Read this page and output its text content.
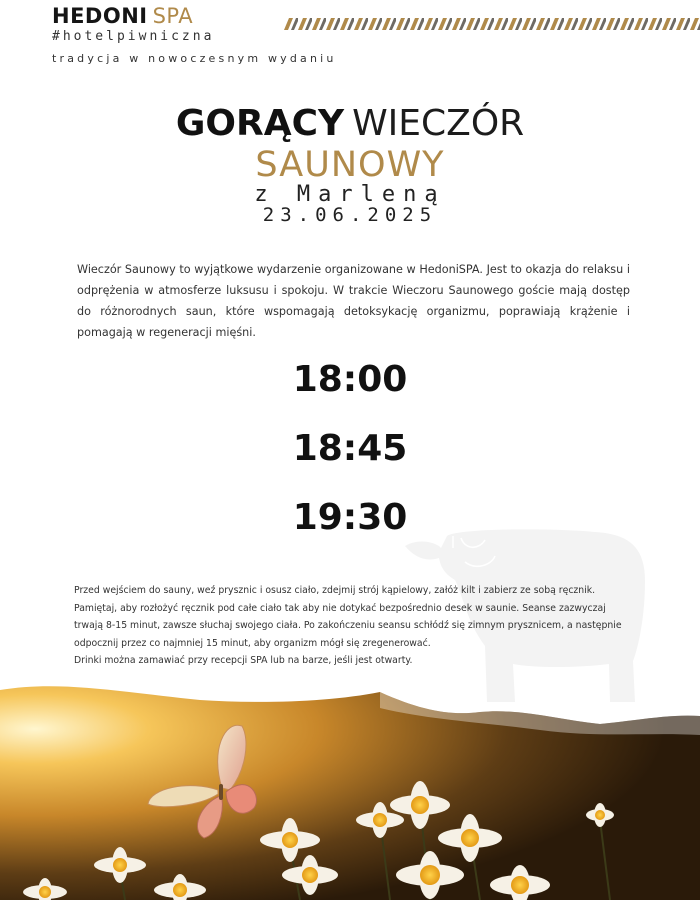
HEDONI SPA
#hotelpiwniczna
tradycja w nowoczesnym wydaniu
GORĄCY WIECZÓR
SAUNOWY
z Marleną
23.06.2025
Wieczór Saunowy to wyjątkowe wydarzenie organizowane w HedoniSPA. Jest to okazja do relaksu i odprężenia w atmosferze luksusu i spokoju. W trakcie Wieczoru Saunowego goście mają dostęp do różnorodnych saun, które wspomagają detoksykację organizmu, poprawiają krążenie i pomagają w regeneracji mięśni.
18:00
18:45
19:30

Przed wejściem do sauny, weź prysznic i osusz ciało, zdejmij strój kąpielowy, załóż kilt i zabierz ze sobą ręcznik.

Pamiętaj, aby rozłożyć ręcznik pod całe ciało tak aby nie dotykać bezpośrednio desek w saunie. Seanse zazwyczaj trwają 8-15 minut, zawsze słuchaj swojego ciała. Po zakończeniu seansu schłódź się zimnym prysznicem, a następnie odpocznij przez co najmniej 15 minut, aby organizm mógł się zregenerować.

Drinki można zamawiać przy recepcji SPA lub na barze, jeśli jest otwarty.
